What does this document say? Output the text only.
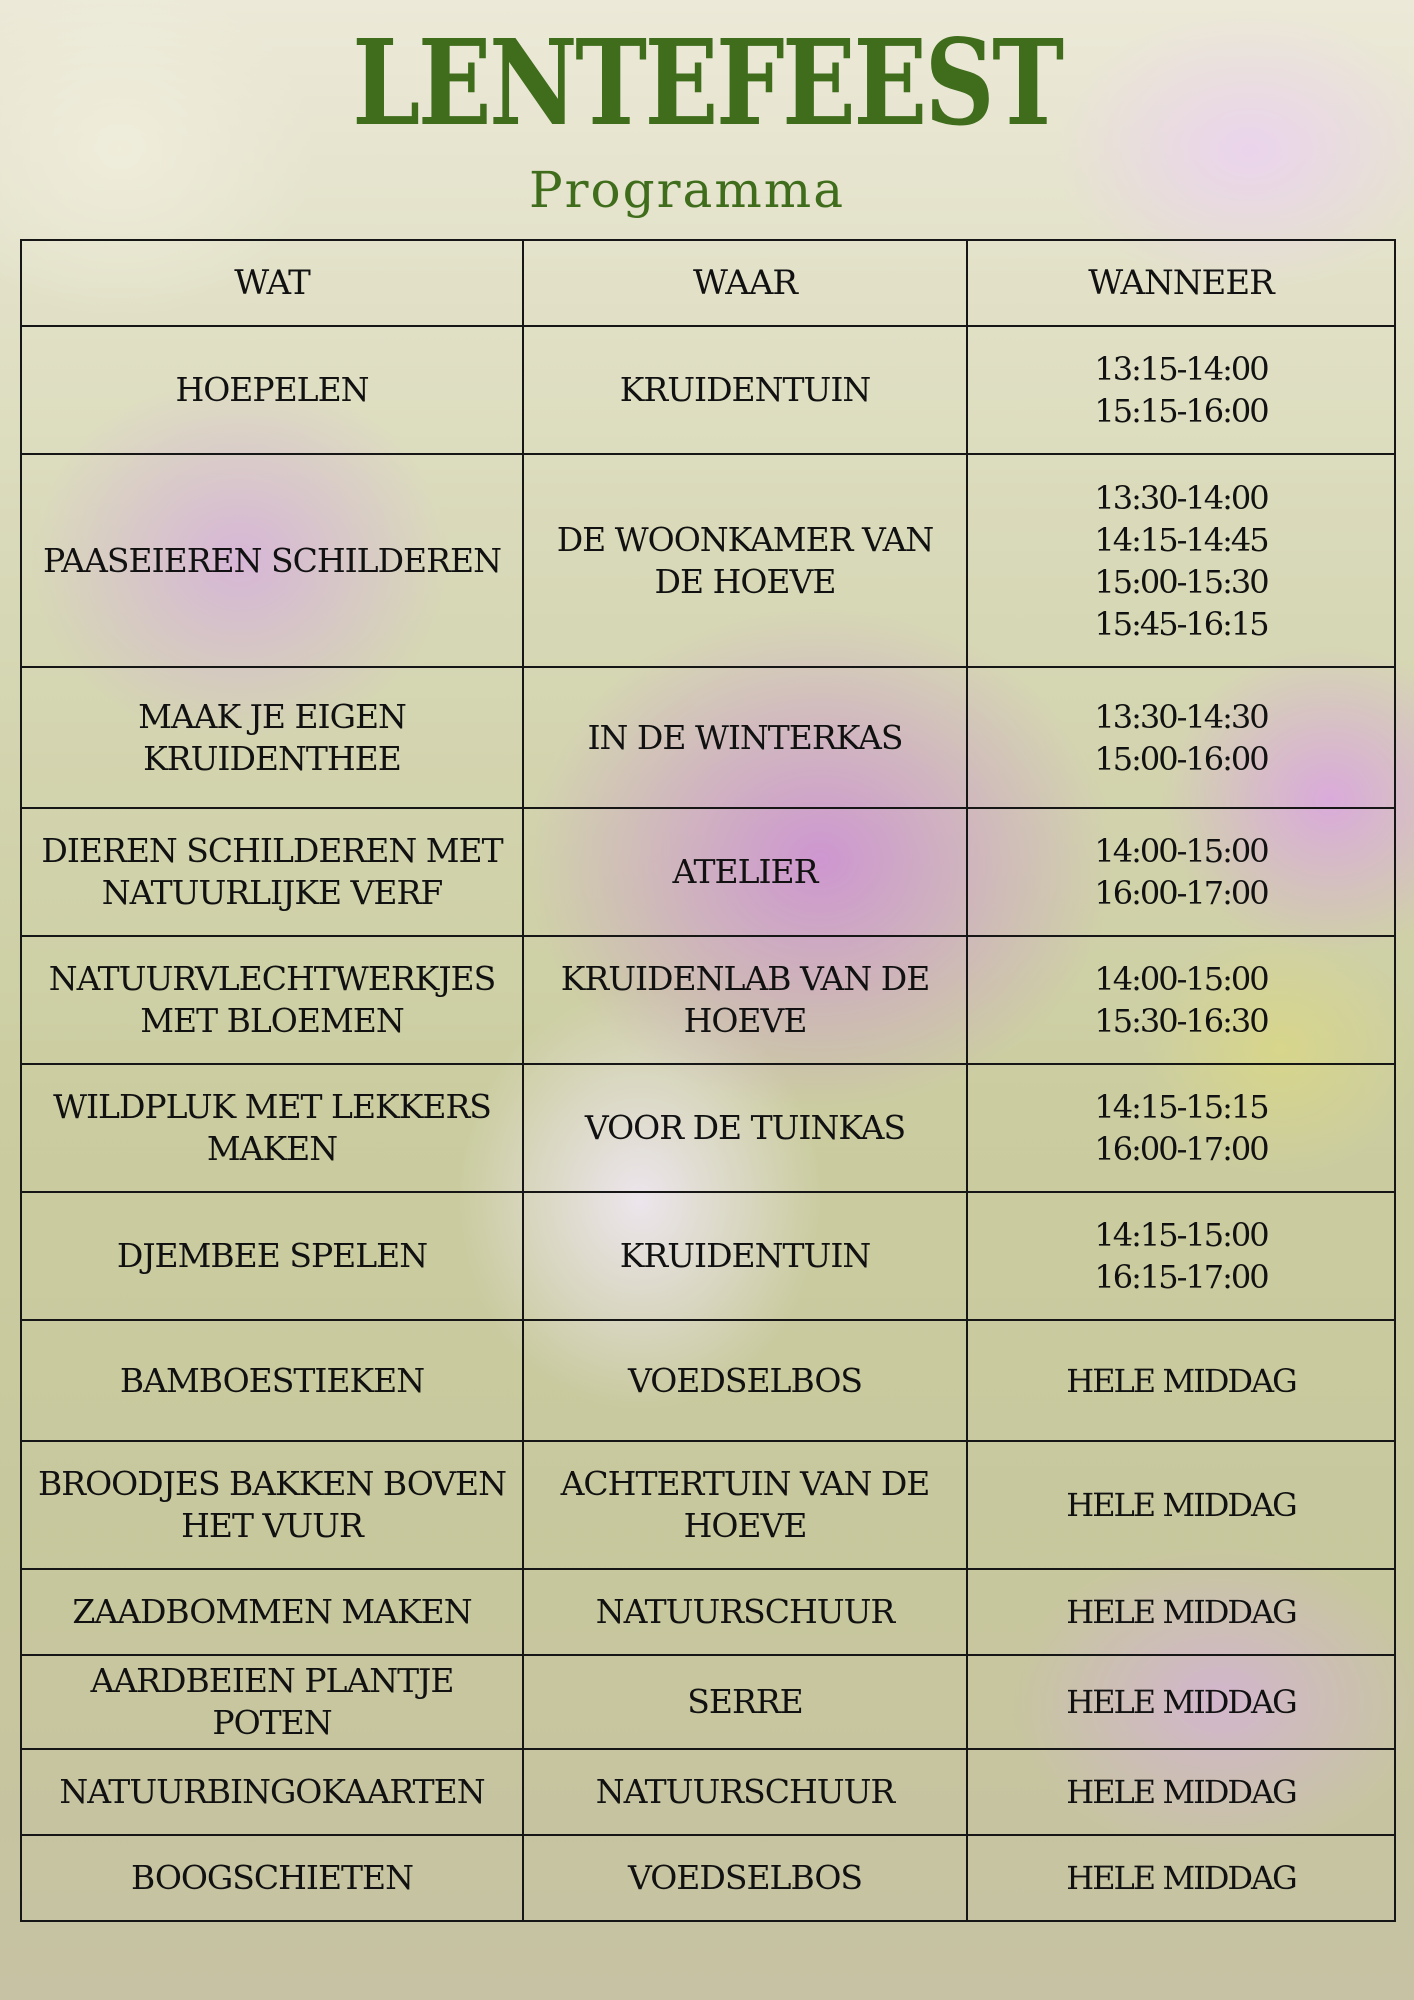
LENTEFEEST
Programma
WAT	WAAR	WANNEER
HOEPELEN	KRUIDENTUIN	13:15-14:00
15:15-16:00

PAASEIEREN SCHILDEREN	DE WOONKAMER VAN DE HOEVE	13:30-14:00
14:15-14:45
15:00-15:30
15:45-16:15

MAAK JE EIGEN KRUIDENTHEE	IN DE WINTERKAS	13:30-14:30
15:00-16:00

DIEREN SCHILDEREN MET NATUURLIJKE VERF	ATELIER	14:00-15:00
16:00-17:00

NATUURVLECHTWERKJES MET BLOEMEN	KRUIDENLAB VAN DE HOEVE	14:00-15:00
15:30-16:30

WILDPLUK MET LEKKERS MAKEN	VOOR DE TUINKAS	14:15-15:15
16:00-17:00

DJEMBEE SPELEN	KRUIDENTUIN	14:15-15:00
16:15-17:00

BAMBOESTIEKEN	VOEDSELBOS	HELE MIDDAG

BROODJES BAKKEN BOVEN HET VUUR	ACHTERTUIN VAN DE HOEVE	HELE MIDDAG

ZAADBOMMEN MAKEN	NATUURSCHUUR	HELE MIDDAG

AARDBEIEN PLANTJE POTEN	SERRE	HELE MIDDAG

NATUURBINGOKAARTEN	NATUURSCHUUR	HELE MIDDAG

BOOGSCHIETEN	VOEDSELBOS	HELE MIDDAG
